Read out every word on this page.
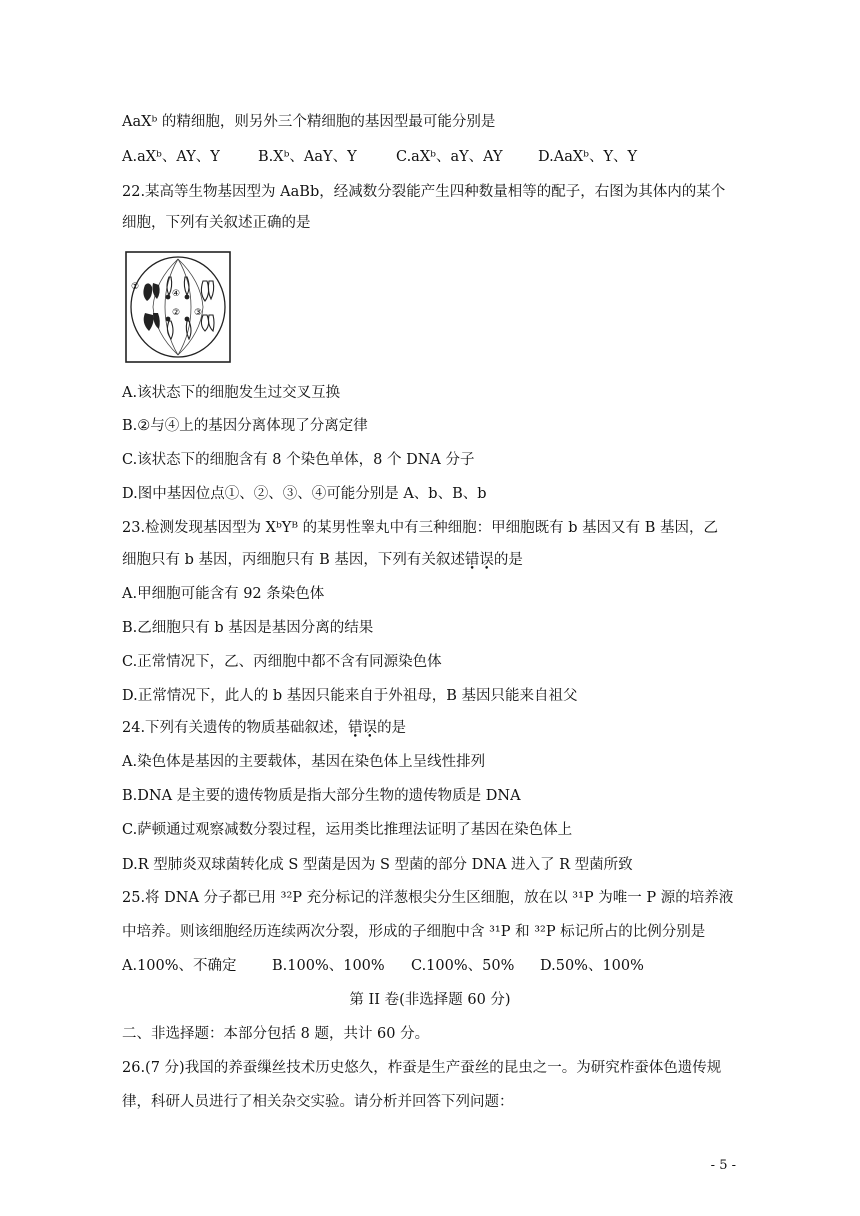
AaXᵇ 的精细胞，则另外三个精细胞的基因型最可能分别是
A.aXᵇ、AY、Y	B.Xᵇ、AaY、Y	C.aXᵇ、aY、AY D.AaXᵇ、Y、Y
22.某高等生物基因型为 AaBb，经减数分裂能产生四种数量相等的配子，右图为其体内的某个
细胞，下列有关叙述正确的是
①
② ③
④
A.该状态下的细胞发生过交叉互换
B.②与④上的基因分离体现了分离定律
C.该状态下的细胞含有 8 个染色单体，8 个 DNA 分子
D.图中基因位点①、②、③、④可能分别是 A、b、B、b
23.检测发现基因型为 XᵇYᴮ 的某男性睾丸中有三种细胞：甲细胞既有 b 基因又有 B 基因，乙
细胞只有 b 基因，丙细胞只有 B 基因，下列有关叙述错误的是
A.甲细胞可能含有 92 条染色体
B.乙细胞只有 b 基因是基因分离的结果
C.正常情况下，乙、丙细胞中都不含有同源染色体
D.正常情况下，此人的 b 基因只能来自于外祖母，B 基因只能来自祖父
24.下列有关遗传的物质基础叙述，错误的是
A.染色体是基因的主要载体，基因在染色体上呈线性排列
B.DNA 是主要的遗传物质是指大部分生物的遗传物质是 DNA
C.萨顿通过观察减数分裂过程，运用类比推理法证明了基因在染色体上
D.R 型肺炎双球菌转化成 S 型菌是因为 S 型菌的部分 DNA 进入了 R 型菌所致
25.将 DNA 分子都已用 ³²P 充分标记的洋葱根尖分生区细胞，放在以 ³¹P 为唯一 P 源的培养液
中培养。则该细胞经历连续两次分裂，形成的子细胞中含 ³¹P 和 ³²P 标记所占的比例分别是
A.100%、不确定 B.100%、100% C.100%、50% D.50%、100%
第 II 卷(非选择题 60 分)
二、非选择题：本部分包括 8 题，共计 60 分。
26.(7 分)我国的养蚕缫丝技术历史悠久，柞蚕是生产蚕丝的昆虫之一。为研究柞蚕体色遗传规
律，科研人员进行了相关杂交实验。请分析并回答下列问题：
- 5 -
